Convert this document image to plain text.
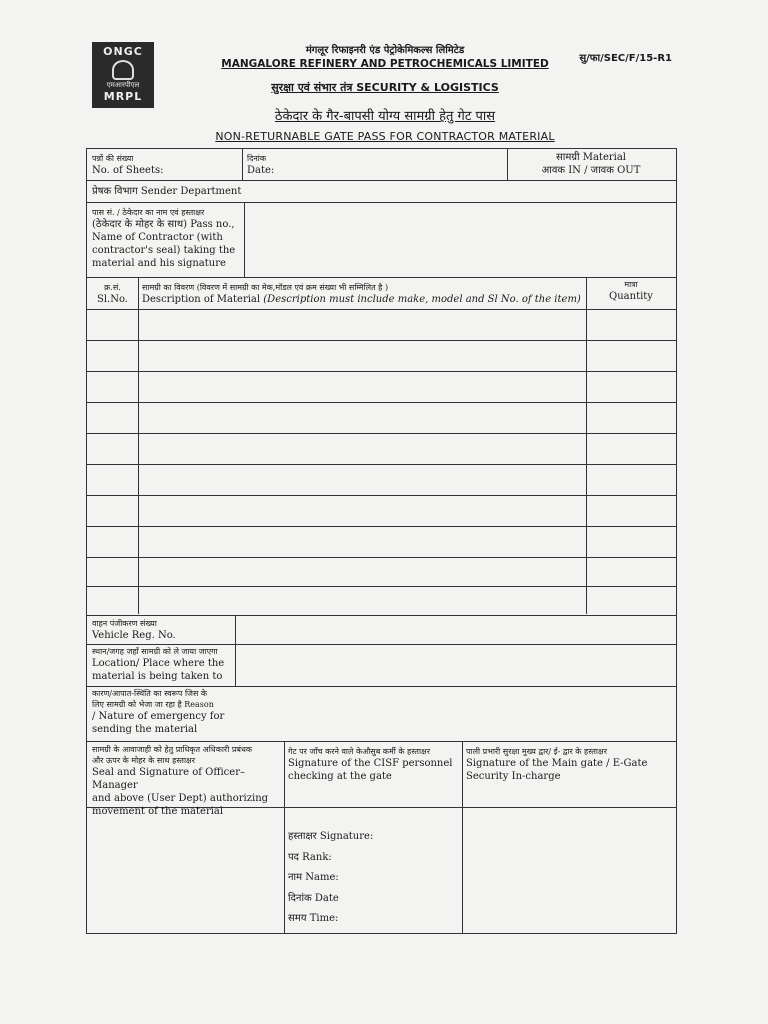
ONGC
एमआरपीएल
MRPL
मंगलूर रिफाइनरी एंड पेट्रोकेमिकल्स लिमिटेड
MANGALORE REFINERY AND PETROCHEMICALS LIMITED
सुरक्षा एवं संभार तंत्र SECURITY & LOGISTICS
ठेकेदार के गैर-बापसी योग्य सामग्री हेतु गेट पास
NON-RETURNABLE GATE PASS FOR CONTRACTOR MATERIAL
सु/फा/SEC/F/15-R1
पन्नों की संख्या
No. of Sheets:
दिनांक
Date:
सामग्री Material
आवक IN / जावक OUT
प्रेषक विभाग Sender Department
पास सं. / ठेकेदार का नाम एवं हस्ताक्षर
(ठेकेदार के मोहर के साथ) Pass no.,
Name of Contractor (with
contractor's seal) taking the
material and his signature
क्र.सं.
Sl.No.
सामग्री का विवरण (विवरण में सामग्री का मेक,मॉडल एवं क्रम संख्या भी सम्मिलित है )
Description of Material (Description must include make, model and Sl No. of the item)
मात्रा
Quantity
वाहन पंजीकरण संख्या
Vehicle Reg. No.
स्थान/जगह जहाँ सामग्री को ले जाया जाएगा
Location/ Place where the
material is being taken to
कारण/आपात-स्थिति का स्वरूप जिस के
लिए सामग्री को भेजा जा रहा है Reason
/ Nature of emergency for
sending the material
सामग्री के आवाजाही को हेतु प्राधिकृत अधिकारी प्रबंधक
और ऊपर के मोहर के साथ हस्ताक्षर
Seal and Signature of Officer–Manager
and above (User Dept) authorizing
movement of the material
गेट पर जाँच करने वाले केऔसुब कर्मी के हस्ताक्षर
Signature of the CISF personnel
checking at the gate
पाली प्रभारी सुरक्षा मुख्य द्वार/ ई- द्वार के हस्ताक्षर
Signature of the Main gate / E-Gate
Security In-charge
हस्ताक्षर Signature:
पद Rank:
नाम Name:
दिनांक Date
समय Time:
